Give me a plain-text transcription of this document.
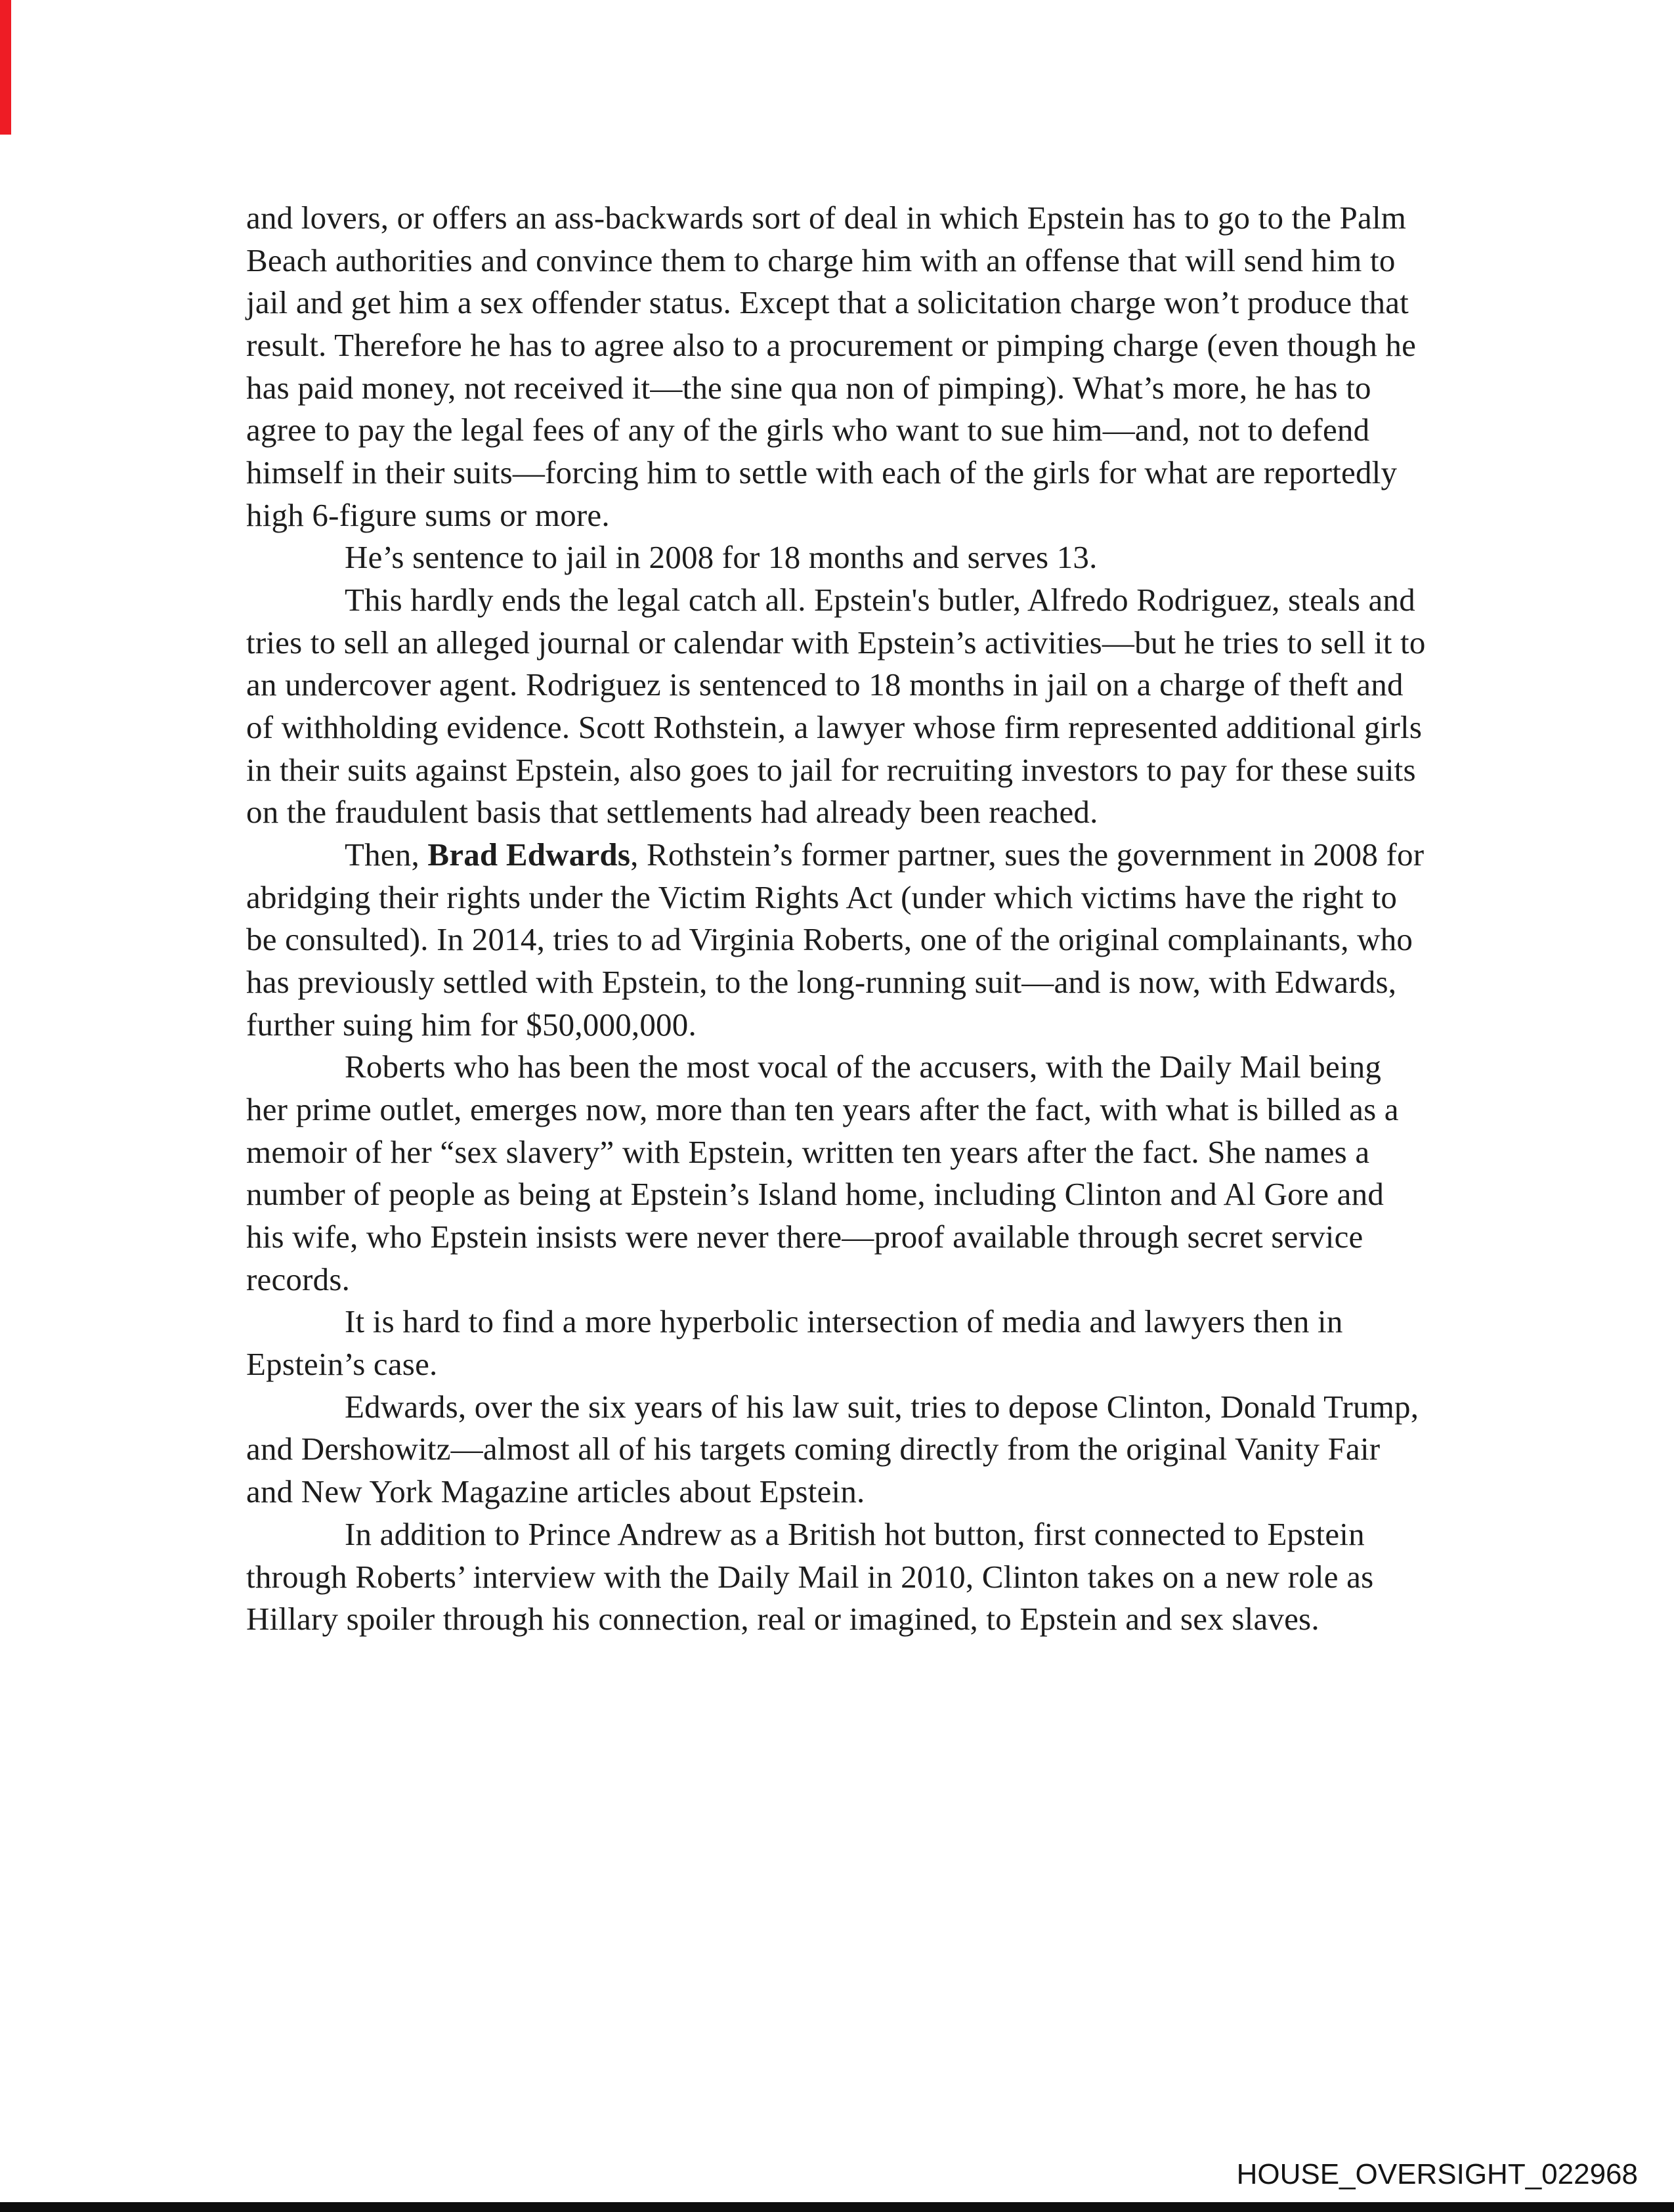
and lovers, or offers an ass-backwards sort of deal in which Epstein has to go to the Palm Beach authorities and convince them to charge him with an offense that will send him to jail and get him a sex offender status. Except that a solicitation charge won’t produce that result. Therefore he has to agree also to a procurement or pimping charge (even though he has paid money, not received it—the sine qua non of pimping). What’s more, he has to agree to pay the legal fees of any of the girls who want to sue him—and, not to defend himself in their suits—forcing him to settle with each of the girls for what are reportedly high 6-figure sums or more.

He’s sentence to jail in 2008 for 18 months and serves 13.

This hardly ends the legal catch all. Epstein's butler, Alfredo Rodriguez, steals and tries to sell an alleged journal or calendar with Epstein’s activities—but he tries to sell it to an undercover agent. Rodriguez is sentenced to 18 months in jail on a charge of theft and of withholding evidence. Scott Rothstein, a lawyer whose firm represented additional girls in their suits against Epstein, also goes to jail for recruiting investors to pay for these suits on the fraudulent basis that settlements had already been reached.

Then, Brad Edwards, Rothstein’s former partner, sues the government in 2008 for abridging their rights under the Victim Rights Act (under which victims have the right to be consulted). In 2014, tries to ad Virginia Roberts, one of the original complainants, who has previously settled with Epstein, to the long-running suit—and is now, with Edwards, further suing him for $50,000,000.

Roberts who has been the most vocal of the accusers, with the Daily Mail being her prime outlet, emerges now, more than ten years after the fact, with what is billed as a memoir of her “sex slavery” with Epstein, written ten years after the fact. She names a number of people as being at Epstein’s Island home, including Clinton and Al Gore and his wife, who Epstein insists were never there—proof available through secret service records.

It is hard to find a more hyperbolic intersection of media and lawyers then in Epstein’s case.

Edwards, over the six years of his law suit, tries to depose Clinton, Donald Trump, and Dershowitz—almost all of his targets coming directly from the original Vanity Fair and New York Magazine articles about Epstein.

In addition to Prince Andrew as a British hot button, first connected to Epstein through Roberts’ interview with the Daily Mail in 2010, Clinton takes on a new role as Hillary spoiler through his connection, real or imagined, to Epstein and sex slaves.

HOUSE_OVERSIGHT_022968
